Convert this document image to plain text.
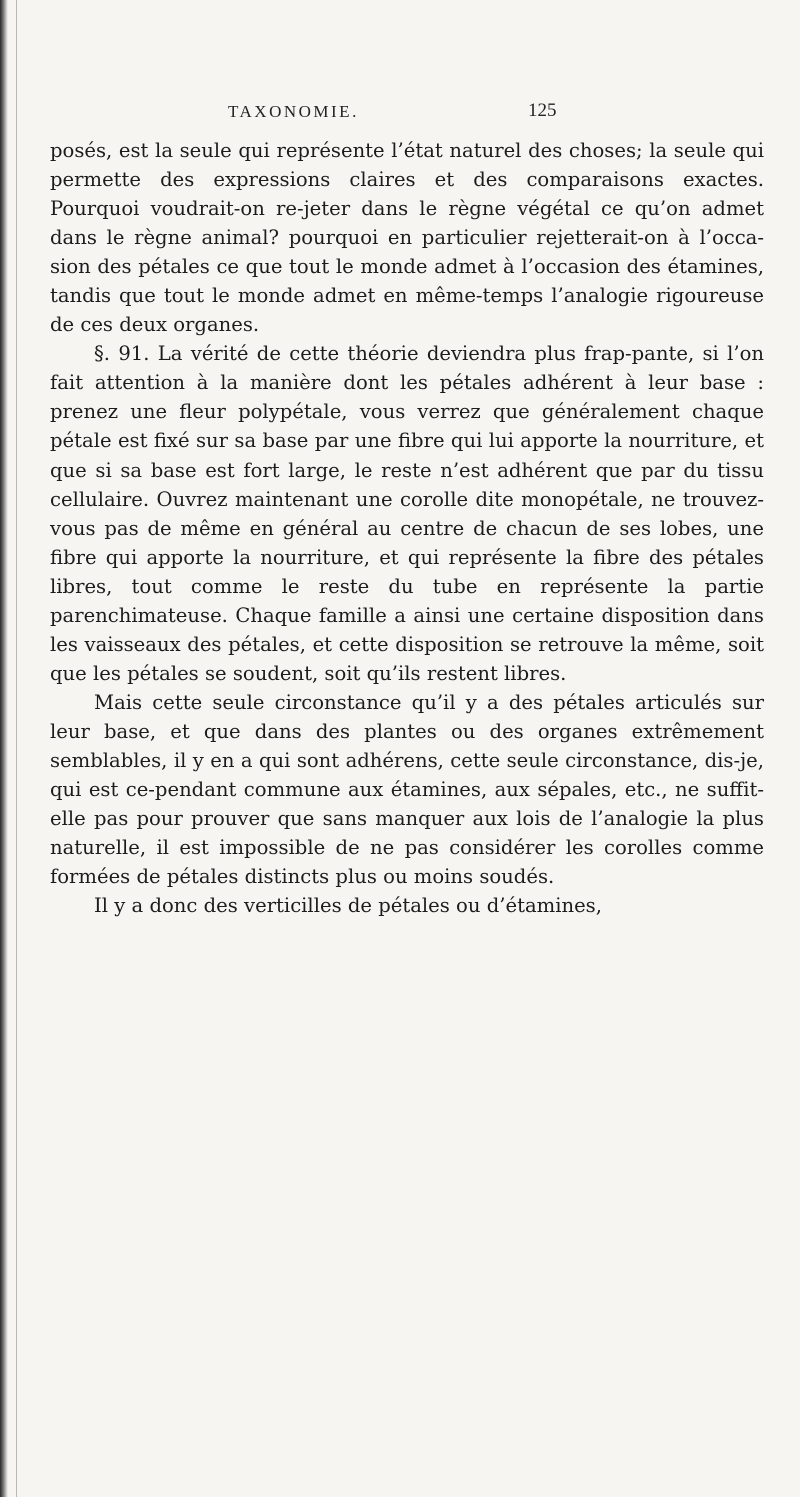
TAXONOMIE.	125

posés, est la seule qui représente l’état naturel des choses; la seule qui permette des expressions claires et des comparaisons exactes. Pourquoi voudrait-on re-jeter dans le règne végétal ce qu’on admet dans le règne animal? pourquoi en particulier rejetterait-on à l’occa-sion des pétales ce que tout le monde admet à l’occasion des étamines, tandis que tout le monde admet en même-temps l’analogie rigoureuse de ces deux organes.

§. 91. La vérité de cette théorie deviendra plus frap-pante, si l’on fait attention à la manière dont les pétales adhérent à leur base : prenez une fleur polypétale, vous verrez que généralement chaque pétale est fixé sur sa base par une fibre qui lui apporte la nourriture, et que si sa base est fort large, le reste n’est adhérent que par du tissu cellulaire. Ouvrez maintenant une corolle dite monopétale, ne trouvez-vous pas de même en général au centre de chacun de ses lobes, une fibre qui apporte la nourriture, et qui représente la fibre des pétales libres, tout comme le reste du tube en représente la partie parenchimateuse. Chaque famille a ainsi une certaine disposition dans les vaisseaux des pétales, et cette disposition se retrouve la même, soit que les pétales se soudent, soit qu’ils restent libres.

Mais cette seule circonstance qu’il y a des pétales articulés sur leur base, et que dans des plantes ou des organes extrêmement semblables, il y en a qui sont adhérens, cette seule circonstance, dis-je, qui est ce-pendant commune aux étamines, aux sépales, etc., ne suffit-elle pas pour prouver que sans manquer aux lois de l’analogie la plus naturelle, il est impossible de ne pas considérer les corolles comme formées de pétales distincts plus ou moins soudés.

Il y a donc des verticilles de pétales ou d’étamines,
